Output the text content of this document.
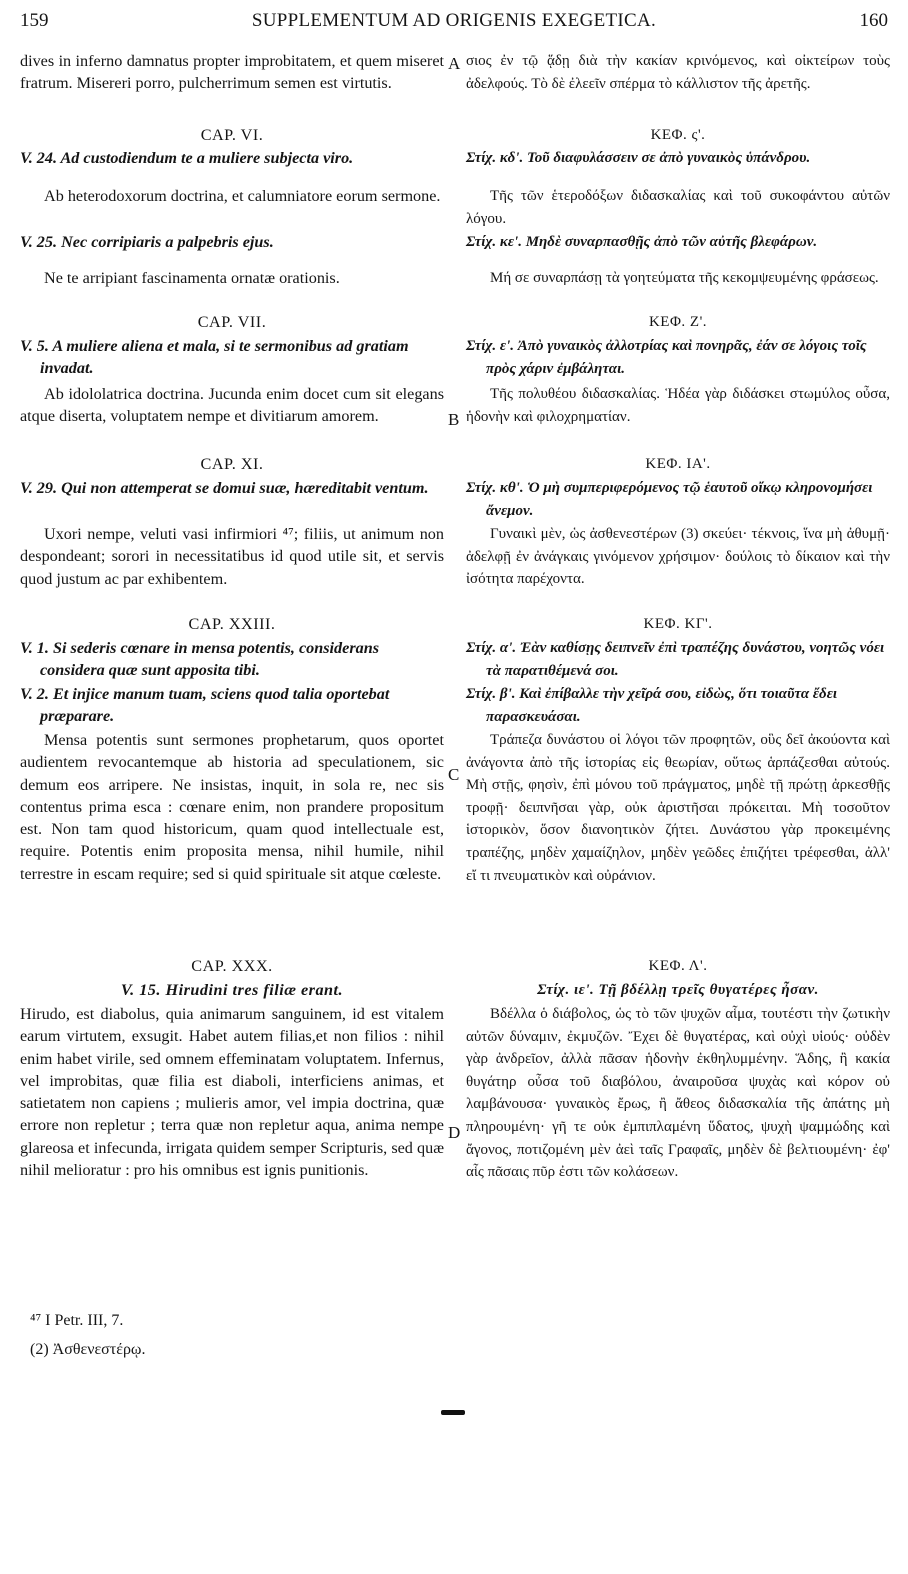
159	SUPPLEMENTUM AD ORIGENIS EXEGETICA.	160

dives in inferno damnatus propter improbitatem, et quem miseret fratrum. Misereri porro, pulcherrimum semen est virtutis.

CAP. VI.
V. 24. Ad custodiendum te a muliere subjecta viro.

Ab heterodoxorum doctrina, et calumniatore eorum sermone.

V. 25. Nec corripiaris a palpebris ejus.

Ne te arripiant fascinamenta ornatæ orationis.

CAP. VII.
V. 5. A muliere aliena et mala, si te sermonibus ad gratiam invadat.

Ab idololatrica doctrina. Jucunda enim docet cum sit elegans atque diserta, voluptatem nempe et divitiarum amorem.

CAP. XI.
V. 29. Qui non attemperat se domui suæ, hæreditabit ventum.

Uxori nempe, veluti vasi infirmiori ⁴⁷; filiis, ut animum non despondeant; sorori in necessitatibus id quod utile sit, et servis quod justum ac par exhibentem.

CAP. XXIII.
V. 1. Si sederis cœnare in mensa potentis, considerans considera quæ sunt apposita tibi.
V. 2. Et injice manum tuam, sciens quod talia oportebat præparare.

Mensa potentis sunt sermones prophetarum, quos oportet audientem revocantemque ab historia ad speculationem, sic demum eos arripere. Ne insistas, inquit, in sola re, nec sis contentus prima esca : cœnare enim, non prandere propositum est. Non tam quod historicum, quam quod intellectuale est, require. Potentis enim proposita mensa, nihil humile, nihil terrestre in escam require; sed si quid spirituale sit atque cœleste.

CAP. XXX.
V. 15. Hirudini tres filiæ erant.

Hirudo, est diabolus, quia animarum sanguinem, id est vitalem earum virtutem, exsugit. Habet autem filias,et non filios : nihil enim habet virile, sed omnem effeminatam voluptatem. Infernus, vel improbitas, quæ filia est diaboli, interficiens animas, et satietatem non capiens ; mulieris amor, vel impia doctrina, quæ errore non repletur ; terra quæ non repletur aqua, anima nempe glareosa et infecunda, irrigata quidem semper Scripturis, sed quæ nihil melioratur : pro his omnibus est ignis punitionis.

σιος ἐν τῷ ᾅδῃ διὰ τὴν κακίαν κρινόμενος, καὶ οἰκτείρων τοὺς ἀδελφούς. Τὸ δὲ ἐλεεῖν σπέρμα τὸ κάλλιστον τῆς ἀρετῆς.

ΚΕΦ. ς'.
Στίχ. κδ'. Τοῦ διαφυλάσσειν σε ἀπὸ γυναικὸς ὑπάνδρου.

Τῆς τῶν ἑτεροδόξων διδασκαλίας καὶ τοῦ συκοφάντου αὐτῶν λόγου.

Στίχ. κε'. Μηδὲ συναρπασθῇς ἀπὸ τῶν αὐτῆς βλεφάρων.

Μή σε συναρπάσῃ τὰ γοητεύματα τῆς κεκομψευμένης φράσεως.

ΚΕΦ. Ζ'.
Στίχ. ε'. Ἀπὸ γυναικὸς ἀλλοτρίας καὶ πονηρᾶς, ἐάν σε λόγοις τοῖς πρὸς χάριν ἐμβάληται.

Τῆς πολυθέου διδασκαλίας. Ἡδέα γὰρ διδάσκει στωμύλος οὖσα, ἡδονὴν καὶ φιλοχρηματίαν.

ΚΕΦ. ΙΑ'.
Στίχ. κθ'. Ὁ μὴ συμπεριφερόμενος τῷ ἑαυτοῦ οἴκῳ κληρονομήσει ἄνεμον.

Γυναικὶ μὲν, ὡς ἀσθενεστέρων (3) σκεύει· τέκνοις, ἵνα μὴ ἀθυμῇ· ἀδελφῇ ἐν ἀνάγκαις γινόμενον χρήσιμον· δούλοις τὸ δίκαιον καὶ τὴν ἰσότητα παρέχοντα.

ΚΕΦ. ΚΓ'.
Στίχ. α'. Ἐὰν καθίσῃς δειπνεῖν ἐπὶ τραπέζης δυνάστου, νοητῶς νόει τὰ παρατιθέμενά σοι.
Στίχ. β'. Καὶ ἐπίβαλλε τὴν χεῖρά σου, εἰδὼς, ὅτι τοιαῦτα ἔδει παρασκευάσαι.

Τράπεζα δυνάστου οἱ λόγοι τῶν προφητῶν, οὓς δεῖ ἀκούοντα καὶ ἀνάγοντα ἀπὸ τῆς ἱστορίας εἰς θεωρίαν, οὕτως ἁρπάζεσθαι αὐτούς. Μὴ στῇς, φησὶν, ἐπὶ μόνου τοῦ πράγματος, μηδὲ τῇ πρώτῃ ἀρκεσθῇς τροφῇ· δειπνῆσαι γὰρ, οὐκ ἀριστῆσαι πρόκειται. Μὴ τοσοῦτον ἱστορικὸν, ὅσον διανοητικὸν ζήτει. Δυνάστου γὰρ προκειμένης τραπέζης, μηδὲν χαμαίζηλον, μηδὲν γεῶδες ἐπιζήτει τρέφεσθαι, ἀλλ' εἴ τι πνευματικὸν καὶ οὐράνιον.

ΚΕΦ. Λ'.
Στίχ. ιε'. Τῇ βδέλλῃ τρεῖς θυγατέρες ἦσαν.

Βδέλλα ὁ διάβολος, ὡς τὸ τῶν ψυχῶν αἷμα, τουτέστι τὴν ζωτικὴν αὐτῶν δύναμιν, ἐκμυζῶν. Ἔχει δὲ θυγατέρας, καὶ οὐχὶ υἱούς· οὐδὲν γὰρ ἀνδρεῖον, ἀλλὰ πᾶσαν ἡδονὴν ἐκθηλυμμένην. Ἅδης, ἢ κακία θυγάτηρ οὖσα τοῦ διαβόλου, ἀναιροῦσα ψυχὰς καὶ κόρον οὐ λαμβάνουσα· γυναικὸς ἔρως, ἢ ἄθεος διδασκαλία τῆς ἀπάτης μὴ πληρουμένη· γῆ τε οὐκ ἐμπιπλαμένη ὕδατος, ψυχὴ ψαμμώδης καὶ ἄγονος, ποτιζομένη μὲν ἀεὶ ταῖς Γραφαῖς, μηδὲν δὲ βελτιουμένη· ἐφ' αἷς πᾶσαις πῦρ ἐστι τῶν κολάσεων.

A
B
C
D
⁴⁷ I Petr. III, 7.
(2) Ἀσθενεστέρῳ.
